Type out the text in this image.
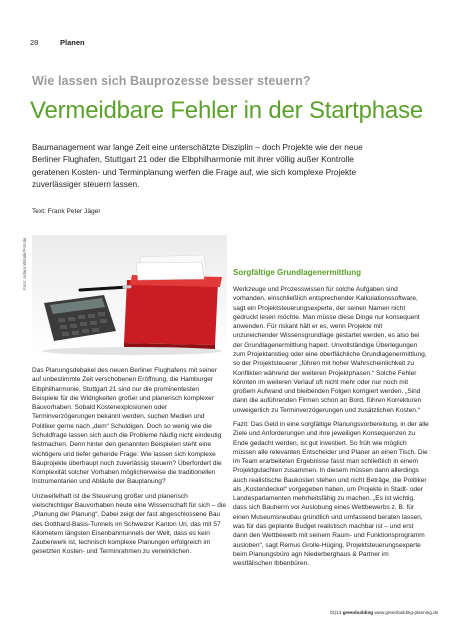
28	Planen
Wie lassen sich Bauprozesse besser steuern?
Vermeidbare Fehler in der Startphase
Baumanagement war lange Zeit eine unterschätzte Disziplin – doch Projekte wie der neue Berliner Flughafen, Stuttgart 21 oder die Elbphilharmonie mit ihrer völlig außer Kontrolle geratenen Kosten- und Terminplanung werfen die Frage auf, wie sich komplexe Projekte zuverlässiger steuern lassen.
Text: Frank Peter Jäger
Foto: Adam Wiśnik/Fotolia	Sorgfältige Grundlagenermittlung

Das Planungsdebakel des neuen Berliner Flughafens mit seiner auf unbestimmte Zeit verschobenen Eröffnung, die Hamburger Elbphilharmonie, Stuttgart 21 sind nur die prominentesten Beispiele für die Widrigkeiten großer und planerisch komplexer Bauvorhaben. Sobald Kostenexplosionen oder Terminverzögerungen bekannt werden, suchen Medien und Politiker gerne nach „dem“ Schuldigen. Doch so wenig wie die Schuldfrage lassen sich auch die Probleme häufig nicht eindeutig festmachen. Denn hinter den genannten Beispielen steht eine wichtigere und tiefer gehende Frage: Wie lassen sich komplexe Bauprojekte überhaupt noch zuverlässig steuern? Überfordert die Komplexität solcher Vorhaben möglicherweise die traditionellen Instrumentarien und Abläufe der Bauplanung?

Unzweifelhaft ist die Steuerung großer und planerisch vielschichtiger Bauvorhaben heute eine Wissenschaft für sich – die „Planung der Planung“. Dabei zeigt der fast abgeschlossene Bau des Gotthard-Basis-Tunnels im Schweizer Kanton Uri, das mit 57 Kilometern längsten Eisenbahntunnels der Welt, dass es kein Zauberwerk ist, technisch komplexe Planungen erfolgreich im gesetzten Kosten- und Terminrahmen zu verwirklichen.

Werkzeuge und Prozesswissen für solche Aufgaben sind vorhanden, einschließlich entsprechender Kalkulationssoftware, sagt ein Projektsteuerungsexperte, der seinen Namen nicht gedruckt lesen möchte. Man müsse diese Dinge nur konsequent anwenden. Für riskant hält er es, wenn Projekte mit unzureichender Wissensgrundlage gestartet werden, es also bei der Grundlagenermittlung hapert. Unvollständige Überlegungen zum Projektanstieg oder eine oberflächliche Grundlagenermittlung, so der Projektsteuerer „führen mit hoher Wahrscheinlichkeit zu Konflikten während der weiteren Projektphasen.“ Solche Fehler könnten im weiteren Verlauf oft nicht mehr oder nur noch mit großem Aufwand und bleibenden Folgen korrigiert werden. „Sind dann die auführenden Firmen schon an Bord, führen Korrekturen unweigerlich zu Terminverzögerungen und zusätzlichen Kosten.“

Fazit: Das Geld in eine sorgfältige Planungsvorbereitung, in der alle Ziele und Anforderungen und ihre jeweiligen Konsequenzen zu Ende gedacht werden, ist gut investiert. So früh wie möglich müssen alle relevanten Entscheider und Planer an einen Tisch. Die im Team erarbeiteten Ergebnisse fasst man schließlich in einem Projektgutachten zusammen. In diesem müssen dann allerdings auch realistische Baukosten stehen und nicht Beträge, die Politiker als „Kostendeckel“ vorgegeben haben, um Projekte in Stadt- oder Landesparlamenten mehrheitsfähig zu machen. „Es ist wichtig, dass sich Bauherrn vor Auslobung eines Wettbewerbs z. B. für einen Museumsneubau gründlich und umfassend beraten lassen, was für das geplante Budget realistisch machbar ist – und erst dann den Wettbewerb mit seinem Raum- und Funktionsprogramm ausloben“, sagt Remus Grolle-Hüging, Projektsteuerungsexperte beim Planungsbüro agn Niederberghaus & Partner im westfälischen Ibbenbüren.

01|13 greenbuilding www.greenbuilding-planning.de
